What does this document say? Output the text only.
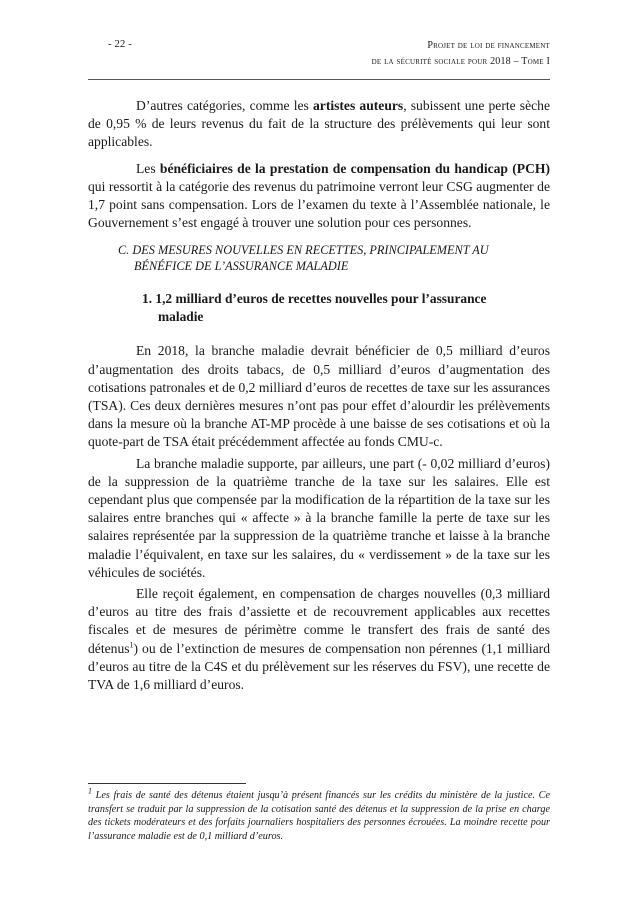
- 22 -	Projet de loi de financement
de la sécurité sociale pour 2018 – Tome I

D’autres catégories, comme les artistes auteurs, subissent une perte sèche de 0,95 % de leurs revenus du fait de la structure des prélèvements qui leur sont applicables.

Les bénéficiaires de la prestation de compensation du handicap (PCH) qui ressortit à la catégorie des revenus du patrimoine verront leur CSG augmenter de 1,7 point sans compensation. Lors de l’examen du texte à l’Assemblée nationale, le Gouvernement s’est engagé à trouver une solution pour ces personnes.

C. DES MESURES NOUVELLES EN RECETTES, PRINCIPALEMENT AU
BÉNÉFICE DE L’ASSURANCE MALADIE
1. 1,2 milliard d’euros de recettes nouvelles pour l’assurance
maladie

En 2018, la branche maladie devrait bénéficier de 0,5 milliard d’euros d’augmentation des droits tabacs, de 0,5 milliard d’euros d’augmentation des cotisations patronales et de 0,2 milliard d’euros de recettes de taxe sur les assurances (TSA). Ces deux dernières mesures n’ont pas pour effet d’alourdir les prélèvements dans la mesure où la branche AT-MP procède à une baisse de ses cotisations et où la quote-part de TSA était précédemment affectée au fonds CMU-c.

La branche maladie supporte, par ailleurs, une part (- 0,02 milliard d’euros) de la suppression de la quatrième tranche de la taxe sur les salaires. Elle est cependant plus que compensée par la modification de la répartition de la taxe sur les salaires entre branches qui « affecte » à la branche famille la perte de taxe sur les salaires représentée par la suppression de la quatrième tranche et laisse à la branche maladie l’équivalent, en taxe sur les salaires, du « verdissement » de la taxe sur les véhicules de sociétés.

Elle reçoit également, en compensation de charges nouvelles (0,3 milliard d’euros au titre des frais d’assiette et de recouvrement applicables aux recettes fiscales et de mesures de périmètre comme le transfert des frais de santé des détenus$^1$) ou de l’extinction de mesures de compensation non pérennes (1,1 milliard d’euros au titre de la C4S et du prélèvement sur les réserves du FSV), une recette de TVA de 1,6 milliard d’euros.

$^1$ Les frais de santé des détenus étaient jusqu’à présent financés sur les crédits du ministère de la justice. Ce transfert se traduit par la suppression de la cotisation santé des détenus et la suppression de la prise en charge des tickets modérateurs et des forfaits journaliers hospitaliers des personnes écrouées. La moindre recette pour l’assurance maladie est de 0,1 milliard d’euros.
